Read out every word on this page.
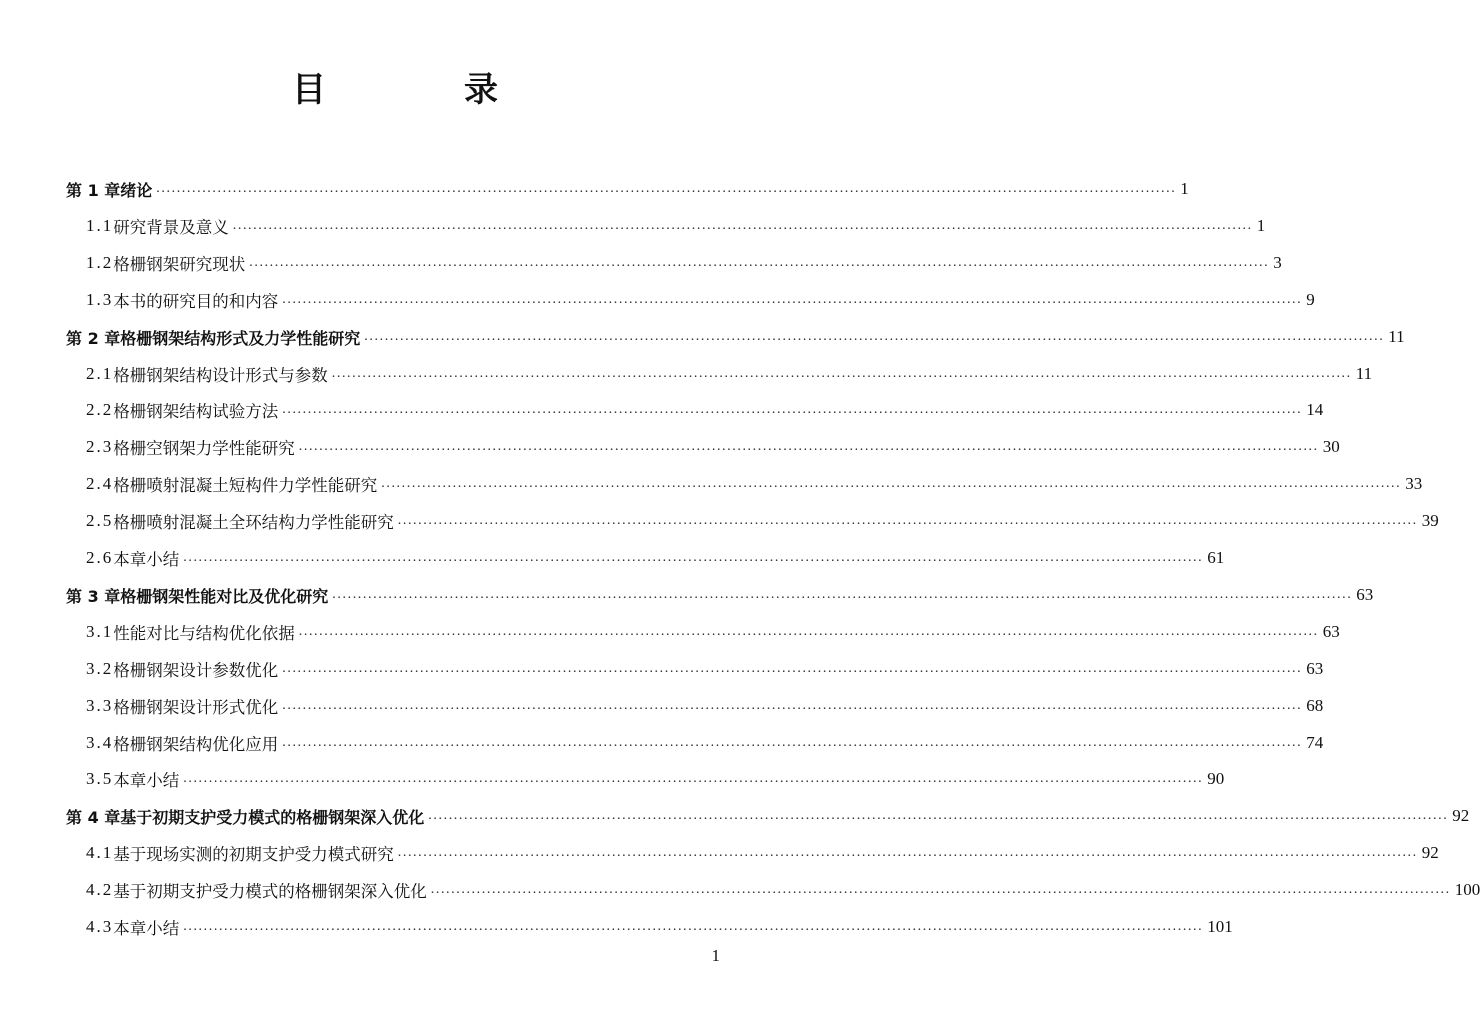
目　录
第 1 章 绪论 ........................................................................................................................................................................................................ 1
1.1 研究背景及意义 ........................................................................................................................................................................................................ 1
1.2 格栅钢架研究现状 ........................................................................................................................................................................................................ 3
1.3 本书的研究目的和内容 ........................................................................................................................................................................................................ 9
第 2 章 格栅钢架结构形式及力学性能研究 ........................................................................................................................................................................................................ 11
2.1 格栅钢架结构设计形式与参数 ........................................................................................................................................................................................................ 11
2.2 格栅钢架结构试验方法 ........................................................................................................................................................................................................ 14
2.3 格栅空钢架力学性能研究 ........................................................................................................................................................................................................ 30
2.4 格栅喷射混凝土短构件力学性能研究 ........................................................................................................................................................................................................ 33
2.5 格栅喷射混凝土全环结构力学性能研究 ........................................................................................................................................................................................................ 39
2.6 本章小结 ........................................................................................................................................................................................................ 61
第 3 章 格栅钢架性能对比及优化研究 ........................................................................................................................................................................................................ 63
3.1 性能对比与结构优化依据 ........................................................................................................................................................................................................ 63
3.2 格栅钢架设计参数优化 ........................................................................................................................................................................................................ 63
3.3 格栅钢架设计形式优化 ........................................................................................................................................................................................................ 68
3.4 格栅钢架结构优化应用 ........................................................................................................................................................................................................ 74
3.5 本章小结 ........................................................................................................................................................................................................ 90
第 4 章 基于初期支护受力模式的格栅钢架深入优化 ........................................................................................................................................................................................................ 92
4.1 基于现场实测的初期支护受力模式研究 ........................................................................................................................................................................................................ 92
4.2 基于初期支护受力模式的格栅钢架深入优化 ........................................................................................................................................................................................................ 100
4.3 本章小结 ........................................................................................................................................................................................................ 101
1
